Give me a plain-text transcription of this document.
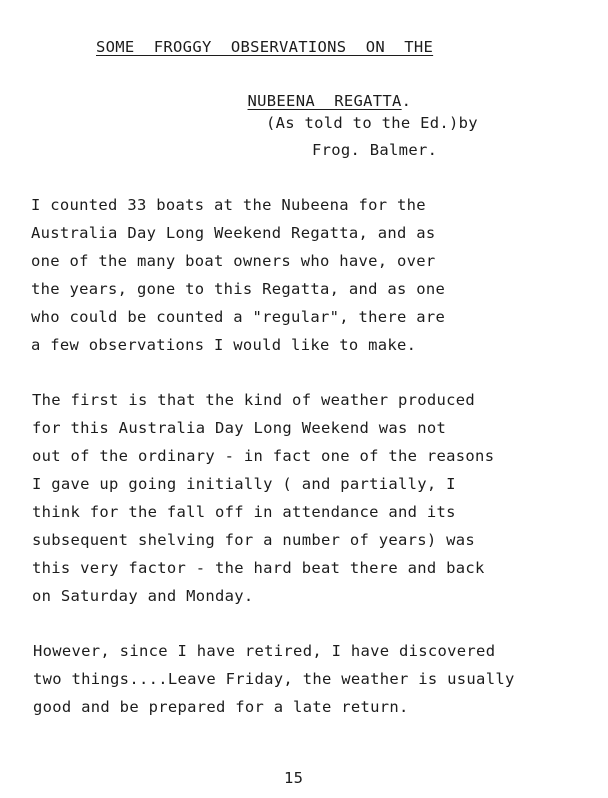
SOME  FROGGY  OBSERVATIONS  ON  THE

NUBEENA  REGATTA.

(As told to the Ed.)by
Frog. Balmer.
I counted 33 boats at the Nubeena for the
Australia Day Long Weekend Regatta, and as
one of the many boat owners who have, over
the years, gone to this Regatta, and as one
who could be counted a "regular", there are
a few observations I would like to make.
The first is that the kind of weather produced
for this Australia Day Long Weekend was not
out of the ordinary - in fact one of the reasons
I gave up going initially ( and partially, I
think for the fall off in attendance and its
subsequent shelving for a number of years) was
this very factor - the hard beat there and back
on Saturday and Monday.
However, since I have retired, I have discovered
two things....Leave Friday, the weather is usually
good and be prepared for a late return.
15
